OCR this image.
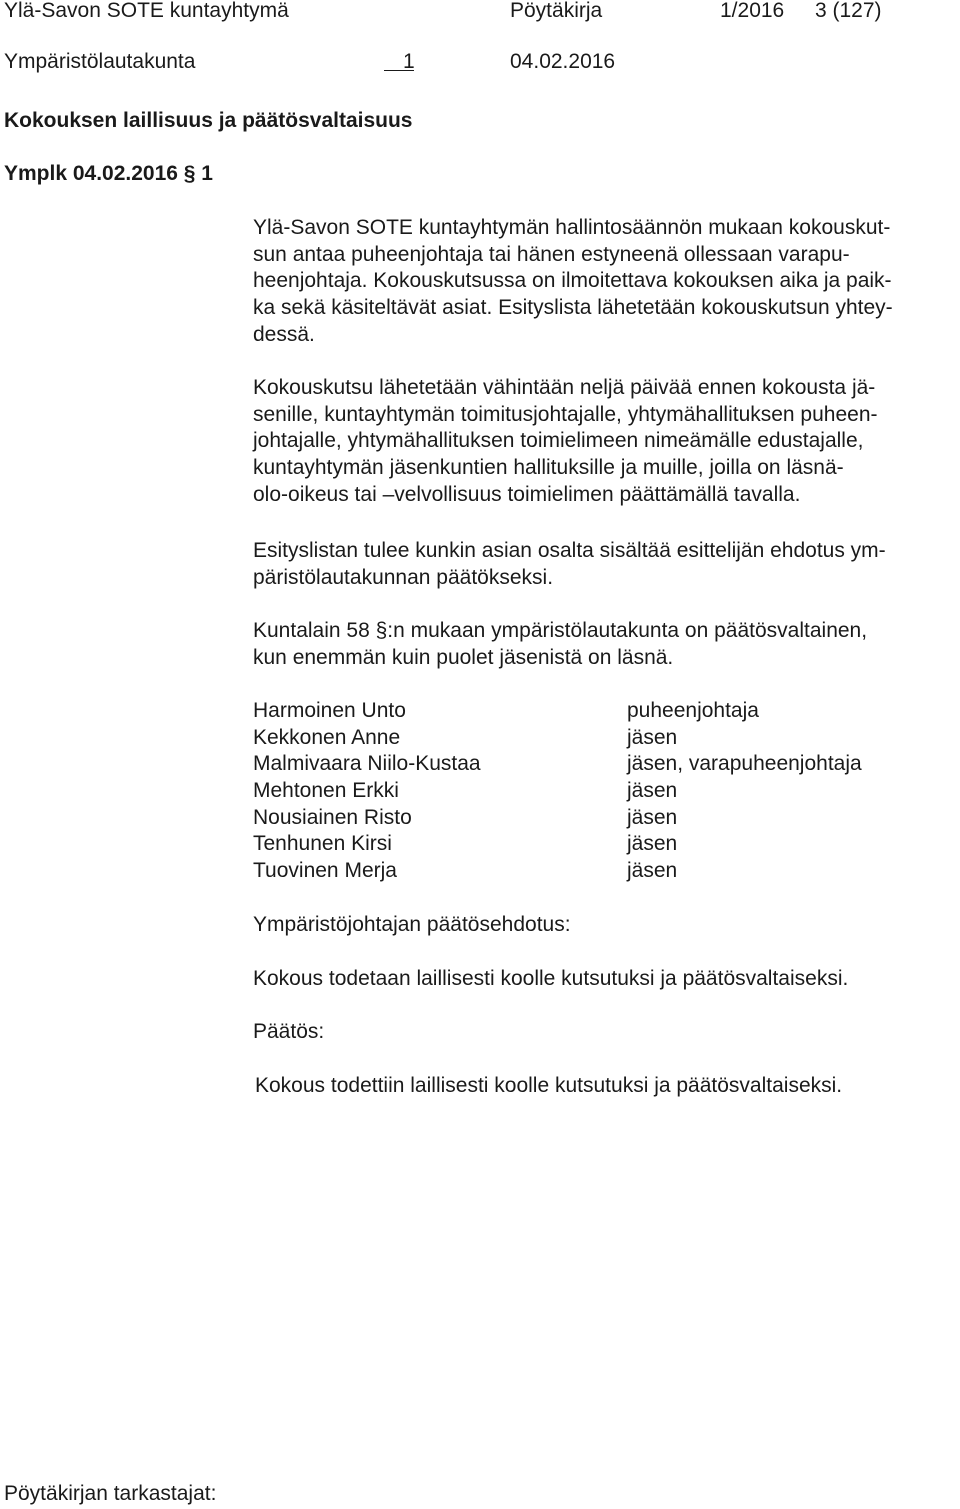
Ylä-Savon SOTE kuntayhtymä	Pöytäkirja	1/2016 3 (127)
Ympäristölautakunta	1	04.02.2016
Kokouksen laillisuus ja päätösvaltaisuus
Ymplk 04.02.2016 § 1
Ylä-Savon SOTE kuntayhtymän hallintosäännön mukaan kokouskut-
sun antaa puheenjohtaja tai hänen estyneenä ollessaan varapu-
heenjohtaja. Kokouskutsussa on ilmoitettava kokouksen aika ja paik-
ka sekä käsiteltävät asiat. Esityslista lähetetään kokouskutsun yhtey-
dessä.
Kokouskutsu lähetetään vähintään neljä päivää ennen kokousta jä-
senille, kuntayhtymän toimitusjohtajalle, yhtymähallituksen puheen-
johtajalle, yhtymähallituksen toimielimeen nimeämälle edustajalle,
kuntayhtymän jäsenkuntien hallituksille ja muille, joilla on läsnä-
olo-oikeus tai –velvollisuus toimielimen päättämällä tavalla.
Esityslistan tulee kunkin asian osalta sisältää esittelijän ehdotus ym-
päristölautakunnan päätökseksi.
Kuntalain 58 §:n mukaan ympäristölautakunta on päätösvaltainen,
kun enemmän kuin puolet jäsenistä on läsnä.
Harmoinen Unto	puheenjohtaja
Kekkonen Anne	jäsen
Malmivaara Niilo-Kustaa	jäsen, varapuheenjohtaja
Mehtonen Erkki	jäsen
Nousiainen Risto	jäsen
Tenhunen Kirsi	jäsen
Tuovinen Merja	jäsen
Ympäristöjohtajan päätösehdotus:
Kokous todetaan laillisesti koolle kutsutuksi ja päätösvaltaiseksi.
Päätös:
Kokous todettiin laillisesti koolle kutsutuksi ja päätösvaltaiseksi.
Pöytäkirjan tarkastajat:
